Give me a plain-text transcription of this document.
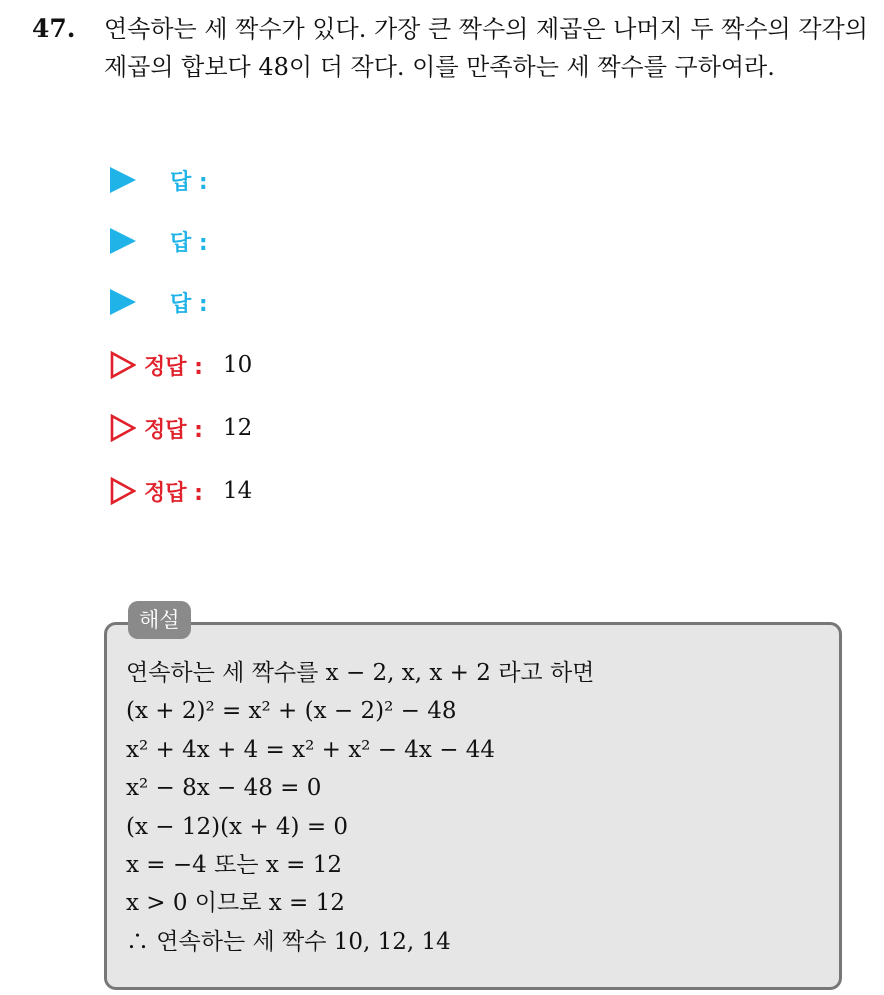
47. 연속하는 세 짝수가 있다. 가장 큰 짝수의 제곱은 나머지 두 짝수의 각각의 제곱의 합보다 48이 더 작다. 이를 만족하는 세 짝수를 구하여라.
답 :
답 :
답 :
정답 : 10
정답 : 12
정답 : 14
해설
연속하는 세 짝수를 x − 2, x, x + 2 라고 하면
(x + 2)² = x² + (x − 2)² − 48
x² + 4x + 4 = x² + x² − 4x − 44
x² − 8x − 48 = 0
(x − 12)(x + 4) = 0
x = −4 또는 x = 12
x > 0 이므로 x = 12
∴ 연속하는 세 짝수 10, 12, 14
